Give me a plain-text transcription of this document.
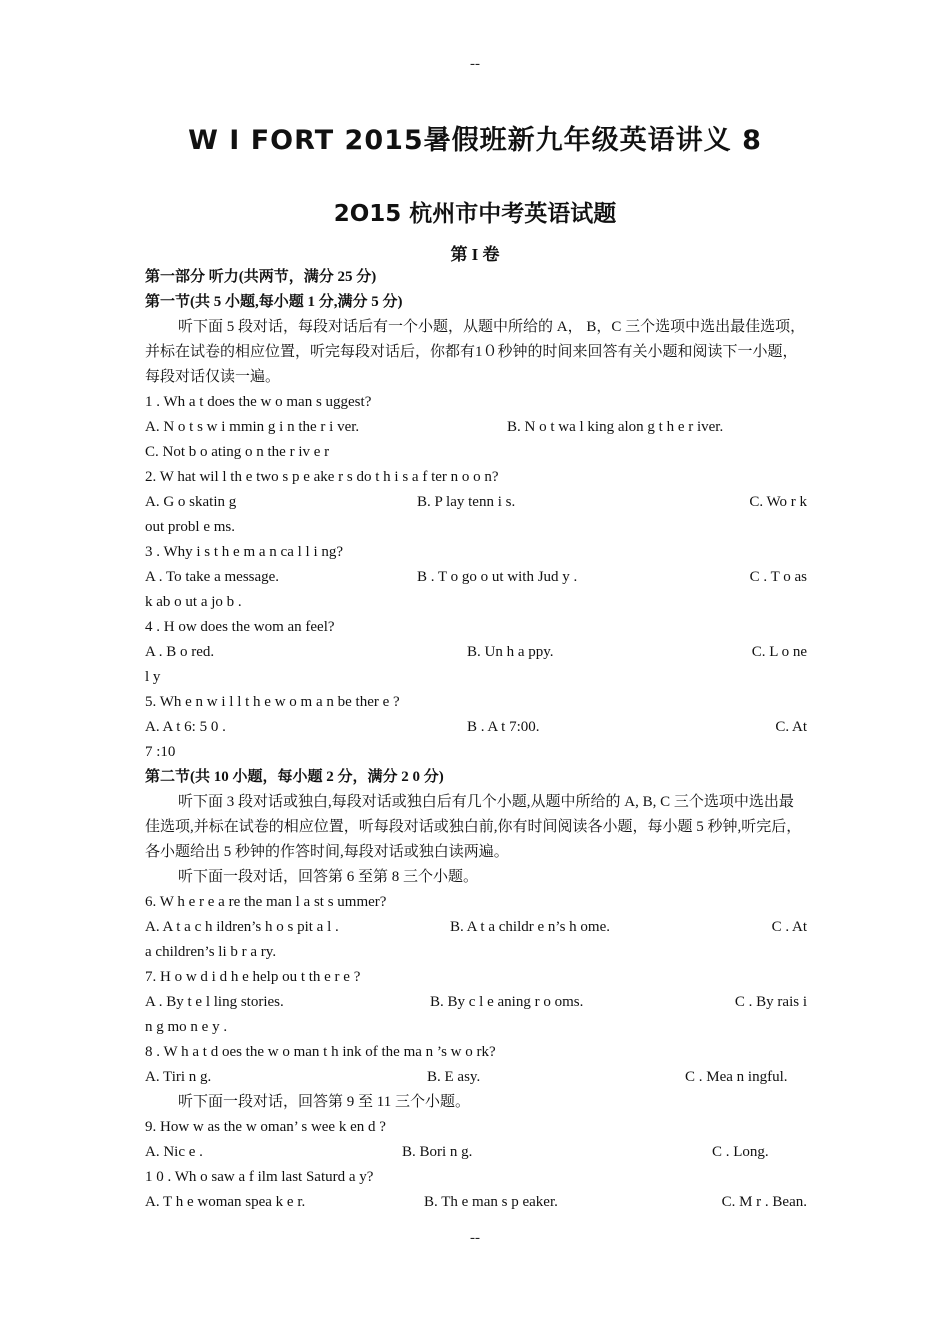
--
W I FORT 2015暑假班新九年级英语讲义 8
2O15 杭州市中考英语试题
第 I 卷
第一部分 听力(共两节，满分 25 分)
第一节(共 5 小题,每小题 1 分,满分 5 分)
听下面 5 段对话，每段对话后有一个小题，从题中所给的 A， B，C 三个选项中选出最佳选项，并标在试卷的相应位置，听完每段对话后，你都有1０秒钟的时间来回答有关小题和阅读下一小题，每段对话仅读一遍。
1 . Wh a t does the w o man s uggest?
A. N o t s w i mmin g i n the r i ver.	B. N o t wa l king alon g t h e r iver.
C. Not b o ating o n the r iv e r
2. W hat wil l th e two s p e ake r s do t h i s a f ter n o o n?
A. G o skatin g	B. P lay tenn i s.	C. Wo r k
out probl e ms.
3 . Why i s t h e m a n ca l l i ng?
A . To take a message.	B . T o go o ut with Jud y .	C . T o as
k ab o ut a jo b .
4 . H ow does the wom an feel?
A . B o red.	B. Un h a ppy.	C. L o ne
l y
5. Wh e n w i l l t h e w o m a n be ther e ?
A. A t 6: 5 0 .	B . A t 7:00.	C. At
7 :10
第二节(共 10 小题，每小题 2 分，满分 2 0 分)
听下面 3 段对话或独白,每段对话或独白后有几个小题,从题中所给的 A, B, C 三个选项中选出最佳选项,并标在试卷的相应位置，听每段对话或独白前,你有时间阅读各小题，每小题 5 秒钟,听完后，各小题给出 5 秒钟的作答时间,每段对话或独白读两遍。
听下面一段对话，回答第 6 至第 8 三个小题。
6. W h e r e a re the man l a st s ummer?
A. A t a c h ildren’s h o s pit a l .	B. A t a childr e n’s h ome.	C . At
a children’s li b r a ry.
7. H o w d i d h e help ou t th e r e ?
A . By t e l ling stories.	B. By c l e aning r o oms.	C . By rais i
n g mo n e y .
8 . W h a t d oes the w o man t h ink of the ma n ’s w o rk?
A. Tiri n g.	B. E asy.	C . Mea n ingful.
听下面一段对话，回答第 9 至 11 三个小题。
9. How w as the w oman’ s wee k en d ?
A. Nic e .	B. Bori n g.	C . Long.
1 0 . Wh o saw a f ilm last Saturd a y?
A. T h e woman spea k e r.	B. Th e man s p eaker.	C. M r . Bean.
--
